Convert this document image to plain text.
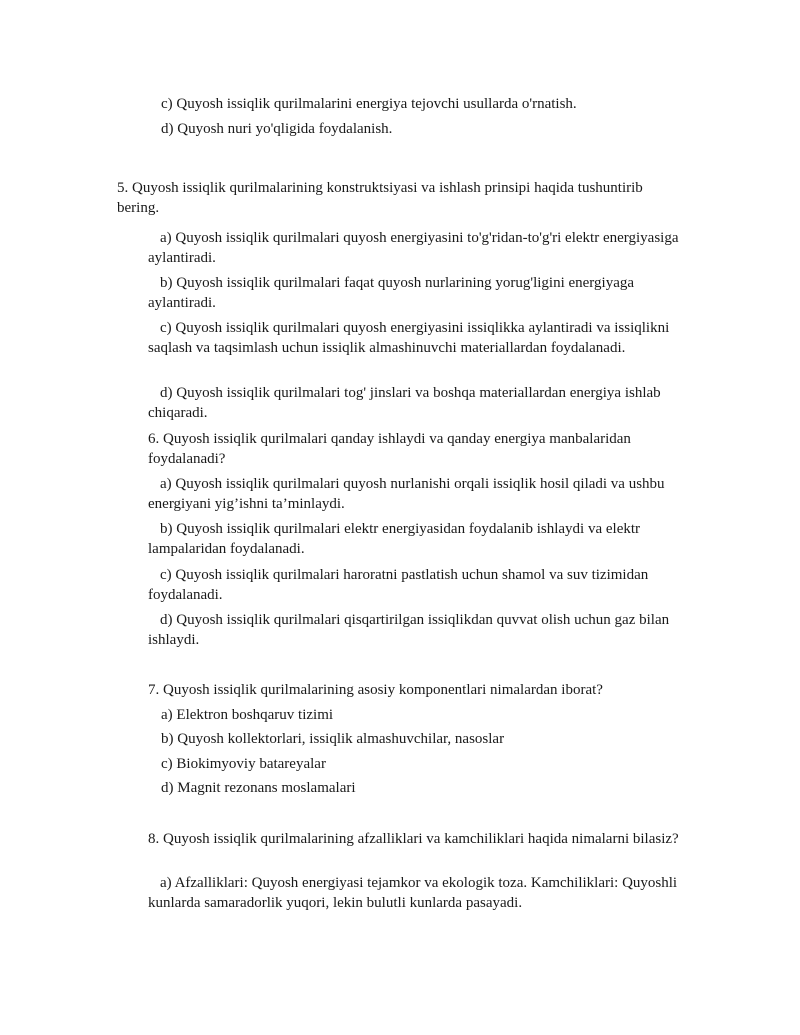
c) Quyosh issiqlik qurilmalarini energiya tejovchi usullarda o'rnatish.

d) Quyosh nuri yo'qligida foydalanish.

5. Quyosh issiqlik qurilmalarining konstruktsiyasi va ishlash prinsipi haqida tushuntirib bering.

a) Quyosh issiqlik qurilmalari quyosh energiyasini to'g'ridan-to'g'ri elektr energiyasiga aylantiradi.

b) Quyosh issiqlik qurilmalari faqat quyosh nurlarining yorug'ligini energiyaga aylantiradi.

c) Quyosh issiqlik qurilmalari quyosh energiyasini issiqlikka aylantiradi va issiqlikni saqlash va taqsimlash uchun issiqlik almashinuvchi materiallardan foydalanadi.

d) Quyosh issiqlik qurilmalari tog' jinslari va boshqa materiallardan energiya ishlab chiqaradi.

6. Quyosh issiqlik qurilmalari qanday ishlaydi va qanday energiya manbalaridan foydalanadi?

a) Quyosh issiqlik qurilmalari quyosh nurlanishi orqali issiqlik hosil qiladi va ushbu energiyani yig’ishni ta’minlaydi.

b) Quyosh issiqlik qurilmalari elektr energiyasidan foydalanib ishlaydi va elektr lampalaridan foydalanadi.

c) Quyosh issiqlik qurilmalari haroratni pastlatish uchun shamol va suv tizimidan foydalanadi.

d) Quyosh issiqlik qurilmalari qisqartirilgan issiqlikdan quvvat olish uchun gaz bilan ishlaydi.

7. Quyosh issiqlik qurilmalarining asosiy komponentlari nimalardan iborat?

a) Elektron boshqaruv tizimi

b) Quyosh kollektorlari, issiqlik almashuvchilar, nasoslar

c) Biokimyoviy batareyalar

d) Magnit rezonans moslamalari

8. Quyosh issiqlik qurilmalarining afzalliklari va kamchiliklari haqida nimalarni bilasiz?

a) Afzalliklari: Quyosh energiyasi tejamkor va ekologik toza. Kamchiliklari: Quyoshli kunlarda samaradorlik yuqori, lekin bulutli kunlarda pasayadi.
